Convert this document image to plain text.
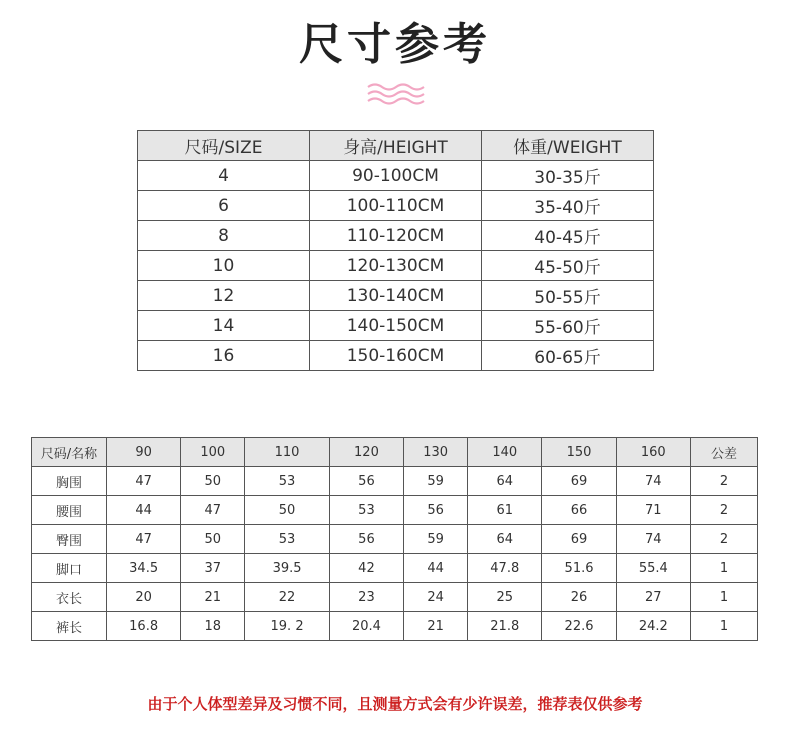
尺寸参考
尺码/SIZE	身高/HEIGHT	体重/WEIGHT
4	90-100CM	30-35斤
6	100-110CM	35-40斤
8	110-120CM	40-45斤
10	120-130CM	45-50斤
12	130-140CM	50-55斤
14	140-150CM	55-60斤
16	150-160CM	60-65斤
尺码/名称	90	100	110	120	130	140	150	160	公差
胸围	47	50	53	56	59	64	69	74	2
腰围	44	47	50	53	56	61	66	71	2
臀围	47	50	53	56	59	64	69	74	2
脚口	34.5	37	39.5	42	44	47.8	51.6	55.4	1
衣长	20	21	22	23	24	25	26	27	1
裤长	16.8	18	19. 2	20.4	21	21.8	22.6	24.2	1
由于个人体型差异及习惯不同，且测量方式会有少许误差，推荐表仅供参考
